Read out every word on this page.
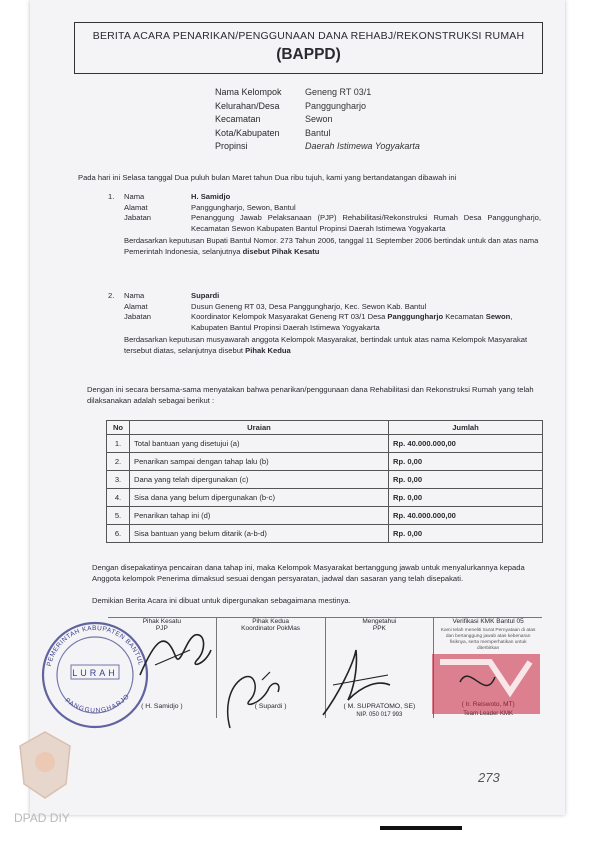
BERITA ACARA PENARIKAN/PENGGUNAAN DANA REHABJ/REKONSTRUKSI RUMAH
(BAPPD)
Nama Kelompok	Geneng RT 03/1
Kelurahan/Desa	Panggungharjo
Kecamatan	Sewon
Kota/Kabupaten	Bantul
Propinsi	Daerah Istimewa Yogyakarta
Pada hari ini Selasa tanggal Dua puluh bulan Maret tahun Dua ribu tujuh, kami yang bertandatangan dibawah ini
1.	Nama	H. Samidjo
Alamat	Panggungharjo, Sewon, Bantul
Jabatan	Penanggung Jawab Pelaksanaan (PJP) Rehabilitasi/Rekonstruksi Rumah Desa Panggungharjo, Kecamatan Sewon Kabupaten Bantul Propinsi Daerah Istimewa Yogyakarta
Berdasarkan keputusan Bupati Bantul Nomor. 273 Tahun 2006, tanggal 11 September 2006 bertindak untuk dan atas nama Pemerintah Indonesia, selanjutnya disebut Pihak Kesatu
2.	Nama	Supardi
Alamat	Dusun Geneng RT 03, Desa Panggungharjo, Kec. Sewon Kab. Bantul
Jabatan	Koordinator Kelompok Masyarakat Geneng RT 03/1 Desa Panggungharjo Kecamatan Sewon, Kabupaten Bantul Propinsi Daerah Istimewa Yogyakarta
Berdasarkan keputusan musyawarah anggota Kelompok Masyarakat, bertindak untuk atas nama Kelompok Masyarakat tersebut diatas, selanjutnya disebut Pihak Kedua
Dengan ini secara bersama-sama menyatakan bahwa penarikan/penggunaan dana Rehabilitasi dan Rekonstruksi Rumah yang telah dilaksanakan adalah sebagai berikut :
No	Uraian	Jumlah
1.	Total bantuan yang disetujui (a)	Rp. 40.000.000,00
2.	Penarikan sampai dengan tahap lalu (b)	Rp. 0,00
3.	Dana yang telah dipergunakan (c)	Rp. 0,00
4.	Sisa dana yang belum dipergunakan (b-c)	Rp. 0,00
5.	Penarikan tahap ini (d)	Rp. 40.000.000,00
6.	Sisa bantuan yang belum ditarik (a-b-d)	Rp. 0,00
Dengan disepakatinya pencairan dana tahap ini, maka Kelompok Masyarakat bertanggung jawab untuk menyalurkannya kepada Anggota kelompok Penerima dimaksud sesuai dengan persyaratan, jadwal dan sasaran yang telah disepakati.
Demikian Berita Acara ini dibuat untuk dipergunakan sebagaimana mestinya.
Pihak Kesatu
PJP
( H. Samidjo )
Pihak Kedua
Koordinator PokMas
( Supardi )
Mengetahui
PPK
( M. SUPRATOMO, SE)
NIP. 050 017 993
Verifikasi KMK Bantul 05
Kami telah meneliti Surat Pernyataan di atas dan bertanggung jawab atas kebenaran fisiknya, serta memperhatikan untuk diterbitkan
LURAH
PEMERINTAH KABUPATEN BANTUL
PANGGUNGHARJO
273
DPAD DIY
